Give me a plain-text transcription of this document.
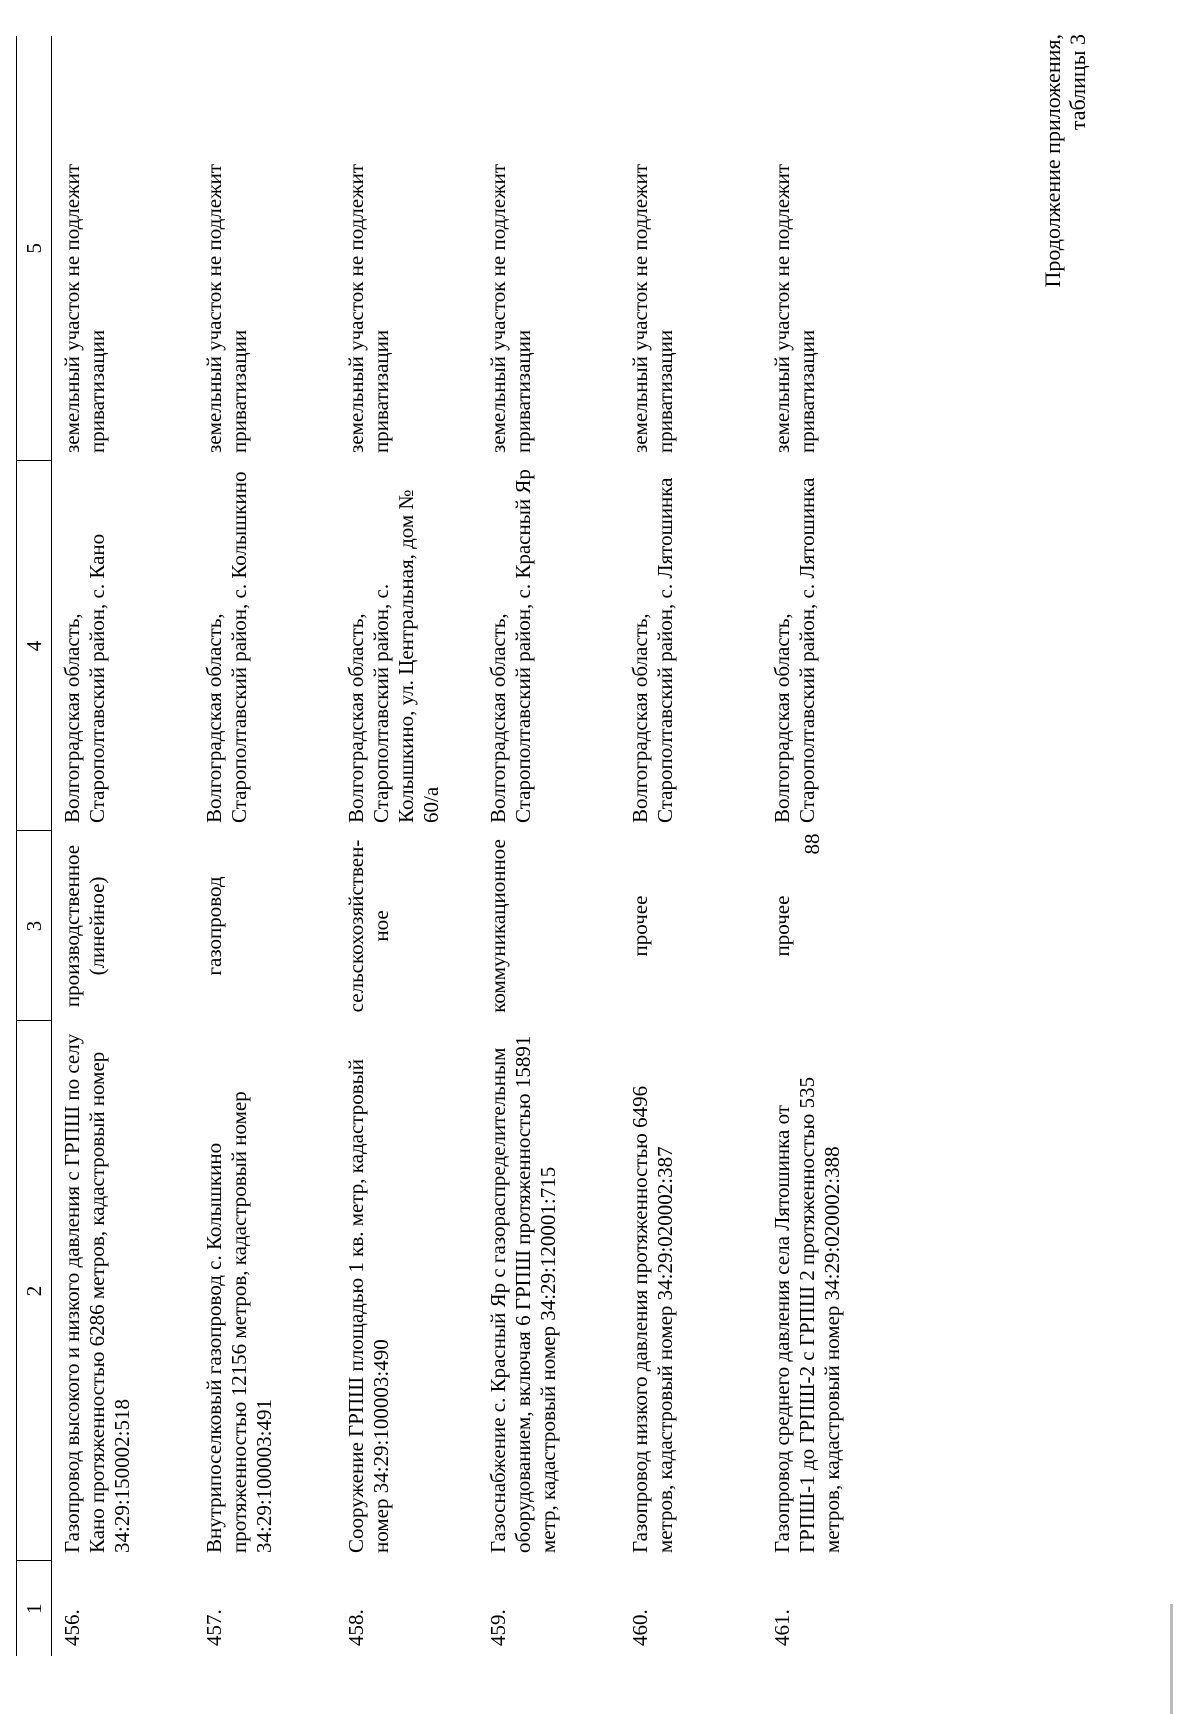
88
Продолжение приложения, таблицы 3
1	2	3	4	5
456.	Газопровод высокого и низкого давления с ГРПШ по селу Кано протяженностью 6286 метров, кадастровый номер 34:29:150002:518	производственное (линейное)	Волгоградская область, Старополтавский район, с. Кано	земельный участок не подлежит приватизации
457.	Внутрипоселковый газопровод с. Колышкино протяженностью 12156 метров, кадастровый номер 34:29:100003:491	газопровод	Волгоградская область, Старополтавский район, с. Колышкино	земельный участок не подлежит приватизации
458.	Сооружение ГРПШ площадью 1 кв. метр, кадастровый номер 34:29:100003:490	сельскохозяйствен-ное	Волгоградская область, Старополтавский район, с. Колышкино, ул. Центральная, дом № 60/а	земельный участок не подлежит приватизации
459.	Газоснабжение с. Красный Яр с газораспределительным оборудованием, включая 6 ГРПШ протяженностью 15891 метр, кадастровый номер 34:29:120001:715	коммуникационное	Волгоградская область, Старополтавский район, с. Красный Яр	земельный участок не подлежит приватизации
460.	Газопровод низкого давления протяженностью 6496 метров, кадастровый номер 34:29:020002:387	прочее	Волгоградская область, Старополтавский район, с. Лятошинка	земельный участок не подлежит приватизации
461.	Газопровод среднего давления села Лятошинка от ГРПШ-1 до ГРПШ-2 с ГРПШ 2 протяженностью 535 метров, кадастровый номер 34:29:020002:388	прочее	Волгоградская область, Старополтавский район, с. Лятошинка	земельный участок не подлежит приватизации
